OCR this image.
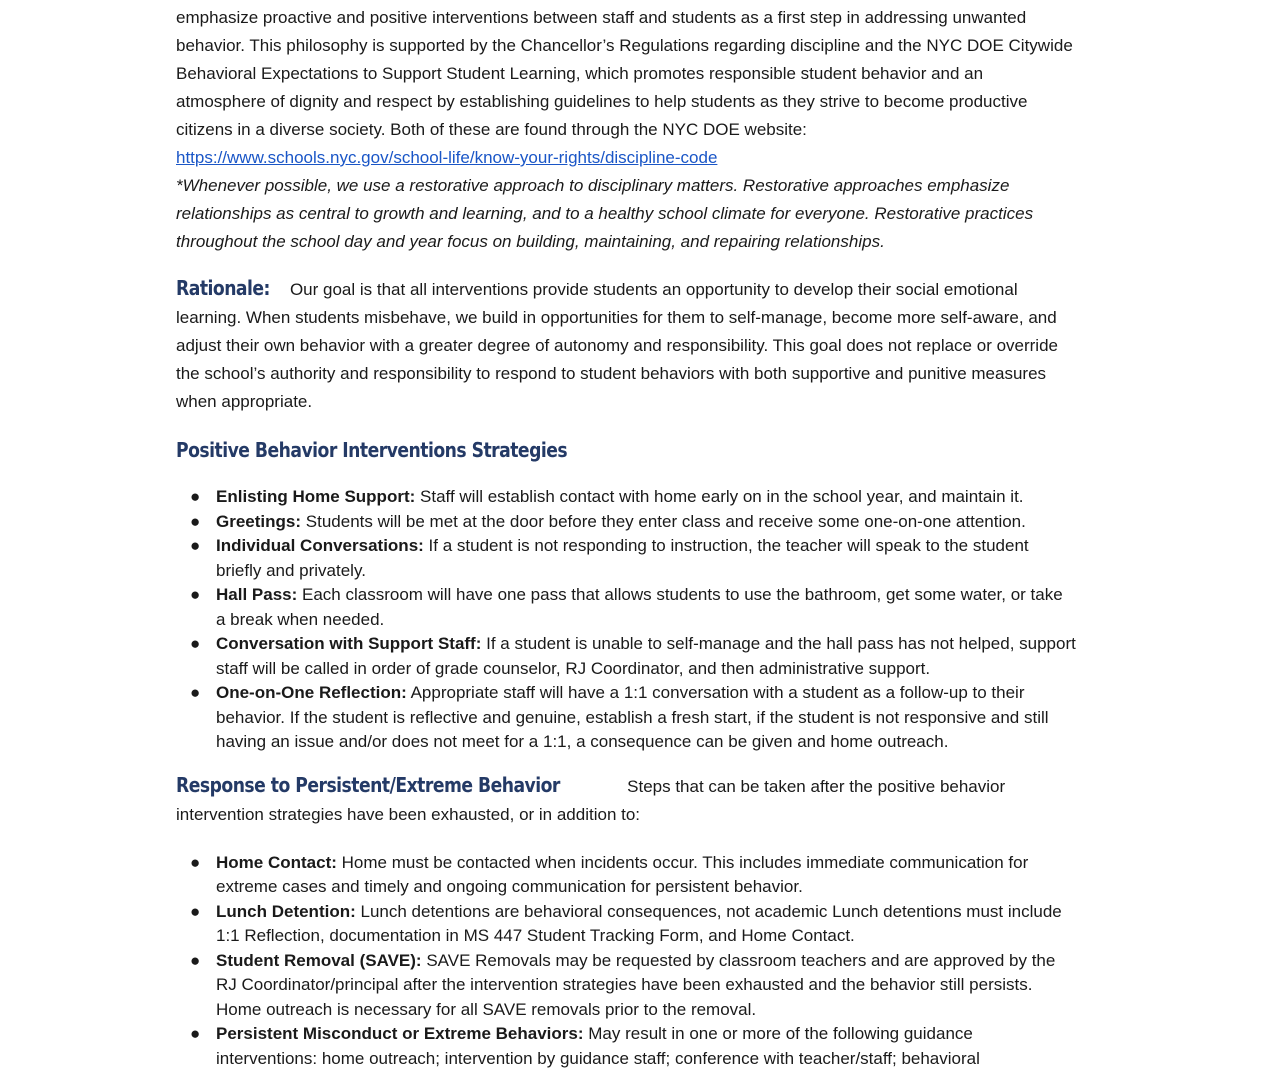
emphasize proactive and positive interventions between staff and students as a first step in addressing unwanted behavior. This philosophy is supported by the Chancellor’s Regulations regarding discipline and the NYC DOE Citywide Behavioral Expectations to Support Student Learning, which promotes responsible student behavior and an atmosphere of dignity and respect by establishing guidelines to help students as they strive to become productive citizens in a diverse society. Both of these are found through the NYC DOE website:

https://www.schools.nyc.gov/school-life/know-your-rights/discipline-code

*Whenever possible, we use a restorative approach to disciplinary matters. Restorative approaches emphasize relationships as central to growth and learning, and to a healthy school climate for everyone. Restorative practices throughout the school day and year focus on building, maintaining, and repairing relationships.

Rationale: Our goal is that all interventions provide students an opportunity to develop their social emotional learning. When students misbehave, we build in opportunities for them to self-manage, become more self-aware, and adjust their own behavior with a greater degree of autonomy and responsibility. This goal does not replace or override the school’s authority and responsibility to respond to student behaviors with both supportive and punitive measures when appropriate.

Positive Behavior Interventions Strategies
● Enlisting Home Support: Staff will establish contact with home early on in the school year, and maintain it.
● Greetings: Students will be met at the door before they enter class and receive some one-on-one attention.
● Individual Conversations: If a student is not responding to instruction, the teacher will speak to the student briefly and privately.
● Hall Pass: Each classroom will have one pass that allows students to use the bathroom, get some water, or take a break when needed.
● Conversation with Support Staff: If a student is unable to self-manage and the hall pass has not helped, support staff will be called in order of grade counselor, RJ Coordinator, and then administrative support.
● One-on-One Reflection: Appropriate staff will have a 1:1 conversation with a student as a follow-up to their behavior. If the student is reflective and genuine, establish a fresh start, if the student is not responsive and still having an issue and/or does not meet for a 1:1, a consequence can be given and home outreach.

Response to Persistent/Extreme Behavior	Steps that can be taken after the positive behavior intervention strategies have been exhausted, or in addition to:

● Home Contact: Home must be contacted when incidents occur. This includes immediate communication for extreme cases and timely and ongoing communication for persistent behavior.
● Lunch Detention: Lunch detentions are behavioral consequences, not academic Lunch detentions must include 1:1 Reflection, documentation in MS 447 Student Tracking Form, and Home Contact.
● Student Removal (SAVE): SAVE Removals may be requested by classroom teachers and are approved by the RJ Coordinator/principal after the intervention strategies have been exhausted and the behavior still persists. Home outreach is necessary for all SAVE removals prior to the removal.
● Persistent Misconduct or Extreme Behaviors: May result in one or more of the following guidance interventions: home outreach; intervention by guidance staff; conference with teacher/staff; behavioral
